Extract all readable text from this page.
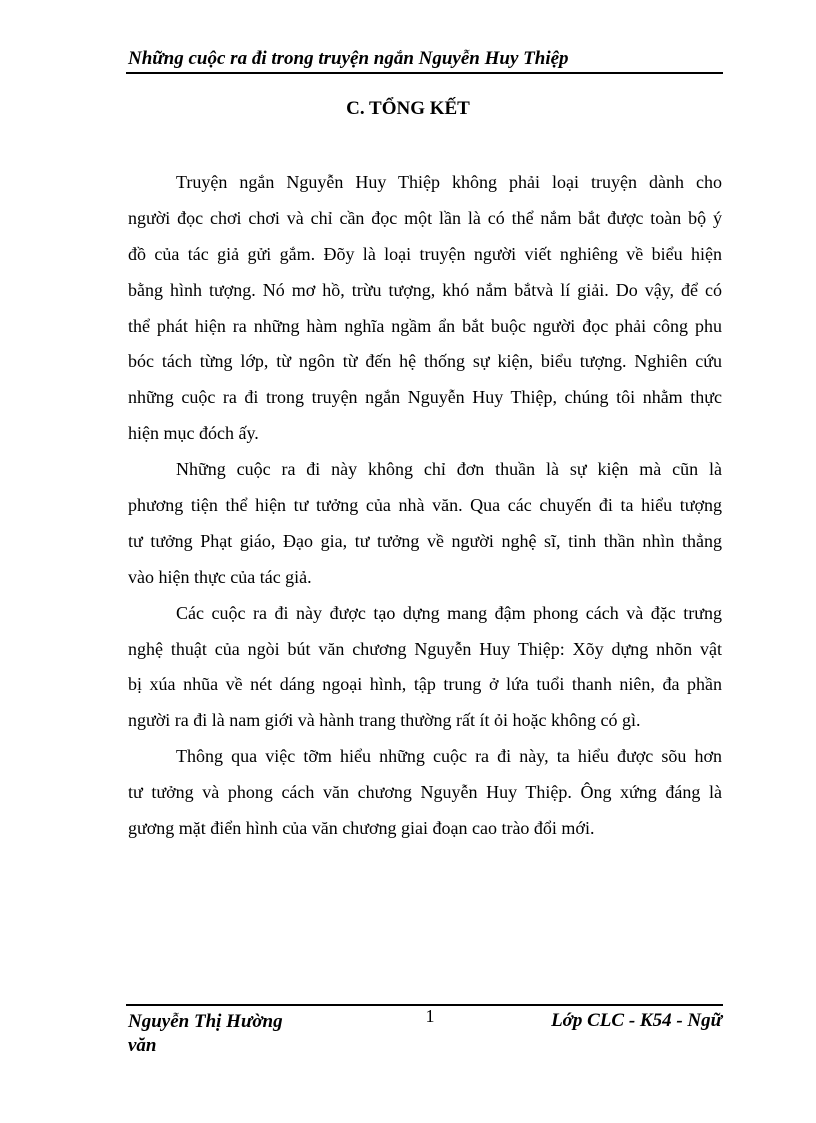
Những cuộc ra đi trong truyện ngắn Nguyễn Huy Thiệp
C. TỔNG KẾT
Truyện ngắn Nguyễn Huy Thiệp không phải loại truyện dành cho
người đọc chơi chơi và chỉ cần đọc một lần là có thể nắm bắt được toàn bộ ý
đồ của tác giả gửi gắm. Đõy là loại truyện người viết nghiêng về biểu hiện
bằng hình tượng. Nó mơ hồ, trừu tượng, khó nắm bắtvà lí giải. Do vậy, để có
thể phát hiện ra những hàm nghĩa ngầm ẩn bắt buộc người đọc phải công phu
bóc tách từng lớp, từ ngôn từ đến hệ thống sự kiện, biểu tượng. Nghiên cứu
những cuộc ra đi trong truyện ngắn Nguyễn Huy Thiệp, chúng tôi nhằm thực
hiện mục đóch ấy.
Những cuộc ra đi này không chỉ đơn thuần là sự kiện mà cũn là
phương tiện thể hiện tư tưởng của nhà văn. Qua các chuyến đi ta hiểu tượng
tư tưởng Phạt giáo, Đạo gia, tư tưởng về người nghệ sĩ, tinh thần nhìn thẳng
vào hiện thực của tác giả.
Các cuộc ra đi này được tạo dựng mang đậm phong cách và đặc trưng
nghệ thuật của ngòi bút văn chương Nguyễn Huy Thiệp: Xõy dựng nhõn vật
bị xúa nhũa về nét dáng ngoại hình, tập trung ở lứa tuổi thanh niên, đa phần
người ra đi là nam giới và hành trang thường rất ít ỏi hoặc không có gì.
Thông qua việc tỡm hiểu những cuộc ra đi này, ta hiểu được sõu hơn
tư tưởng và phong cách văn chương Nguyễn Huy Thiệp. Ông xứng đáng là
gương mặt điển hình của văn chương giai đoạn cao trào đổi mới.
Nguyễn Thị Hường
văn
1	Lớp CLC - K54 - Ngữ
